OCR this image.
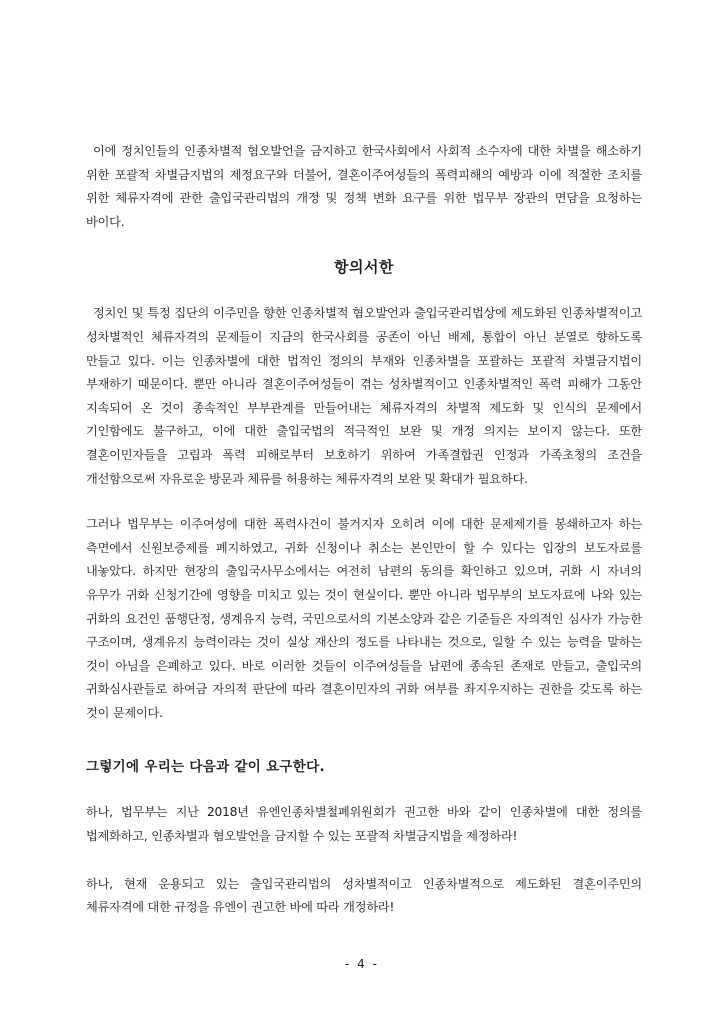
이에 정치인들의 인종차별적 혐오발언을 금지하고 한국사회에서 사회적 소수자에 대한 차별을 해소하기 위한 포괄적 차별금지법의 제정요구와 더불어, 결혼이주여성들의 폭력피해의 예방과 이에 적절한 조치를 위한 체류자격에 관한 출입국관리법의 개정 및 정책 변화 요구를 위한 법무부 장관의 면담을 요청하는 바이다.

항의서한

정치인 및 특정 집단의 이주민을 향한 인종차별적 혐오발언과 출입국관리법상에 제도화된 인종차별적이고 성차별적인 체류자격의 문제들이 지금의 한국사회를 공존이 아닌 배제, 통합이 아닌 분열로 향하도록 만들고 있다. 이는 인종차별에 대한 법적인 정의의 부재와 인종차별을 포괄하는 포괄적 차별금지법이 부재하기 때문이다. 뿐만 아니라 결혼이주여성들이 겪는 성차별적이고 인종차별적인 폭력 피해가 그동안 지속되어 온 것이 종속적인 부부관계를 만들어내는 체류자격의 차별적 제도화 및 인식의 문제에서 기인함에도 불구하고, 이에 대한 출입국법의 적극적인 보완 및 개정 의지는 보이지 않는다. 또한 결혼이민자들을 고립과 폭력 피해로부터 보호하기 위하여 가족결합권 인정과 가족초청의 조건을 개선함으로써 자유로운 방문과 체류를 허용하는 체류자격의 보완 및 확대가 필요하다.

그러나 법무부는 이주여성에 대한 폭력사건이 불거지자 오히려 이에 대한 문제제기를 봉쇄하고자 하는 측면에서 신원보증제를 폐지하였고, 귀화 신청이나 취소는 본인만이 할 수 있다는 입장의 보도자료를 내놓았다. 하지만 현장의 출입국사무소에서는 여전히 남편의 동의를 확인하고 있으며, 귀화 시 자녀의 유무가 귀화 신청기간에 영향을 미치고 있는 것이 현실이다. 뿐만 아니라 법무부의 보도자료에 나와 있는 귀화의 요건인 품행단정, 생계유지 능력, 국민으로서의 기본소양과 같은 기준들은 자의적인 심사가 가능한 구조이며, 생계유지 능력이라는 것이 실상 재산의 정도를 나타내는 것으로, 일할 수 있는 능력을 말하는 것이 아님을 은폐하고 있다. 바로 이러한 것들이 이주여성들을 남편에 종속된 존재로 만들고, 출입국의 귀화심사관들로 하여금 자의적 판단에 따라 결혼이민자의 귀화 여부를 좌지우지하는 권한을 갖도록 하는 것이 문제이다.

그렇기에 우리는 다음과 같이 요구한다.

하나, 법무부는 지난 2018년 유엔인종차별철폐위원회가 권고한 바와 같이 인종차별에 대한 정의를 법제화하고, 인종차별과 혐오발언을 금지할 수 있는 포괄적 차별금지법을 제정하라!

하나, 현재 운용되고 있는 출입국관리법의 성차별적이고 인종차별적으로 제도화된 결혼이주민의 체류자격에 대한 규정을 유엔이 권고한 바에 따라 개정하라!

- 4 -
